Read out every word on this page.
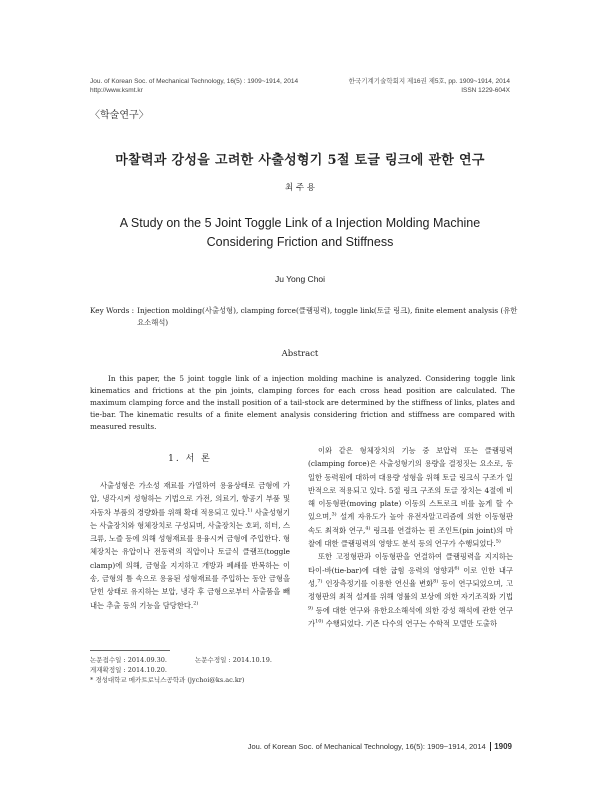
Jou. of Korean Soc. of Mechanical Technology, 16(5) : 1909~1914, 2014
http://www.ksmt.kr
한국기계기술학회지 제16권 제5호, pp. 1909~1914, 2014
ISSN 1229-604X
〈학술연구〉
마찰력과 강성을 고려한 사출성형기 5절 토글 링크에 관한 연구
최 주 용
A Study on the 5 Joint Toggle Link of a Injection Molding Machine
Considering Friction and Stiffness
Ju Yong Choi
Key Words : Injection molding(사출성형), clamping force(클램핑력), toggle link(토글 링크), finite element analysis (유한요소해석)
Abstract
In this paper, the 5 joint toggle link of a injection molding machine is analyzed. Considering toggle link kinematics and frictions at the pin joints, clamping forces for each cross head position are calculated. The maximum clamping force and the install position of a tail-stock are determined by the stiffness of links, plates and tie-bar. The kinematic results of a finite element analysis considering friction and stiffness are compared with measured results.
1. 서 론

사출성형은 가소성 재료를 가열하여 용융상태로 금형에 가압, 냉각시켜 성형하는 기법으로 가전, 의료기, 항공기 부품 및 자동차 부품의 경량화를 위해 확대 적용되고 있다.$^{1)}$ 사출성형기는 사출장치와 형체장치로 구성되며, 사출장치는 호퍼, 히터, 스크류, 노즐 등에 의해 성형재료를 용융시켜 금형에 주입한다. 형체장치는 유압이나 전동력의 직압이나 토글식 클램프(toggle clamp)에 의해, 금형을 지지하고 개방과 폐쇄를 반복하는 이송, 금형의 틈 속으로 용융된 성형재료를 주입하는 동안 금형을 닫힌 상태로 유지하는 보압, 냉각 후 금형으로부터 사출품을 빼내는 추출 등의 기능을 담당한다.$^{2)}$

이와 같은 형체장치의 기능 중 보압력 또는 클램핑력(clamping force)은 사출성형기의 용량을 결정짓는 요소로, 동일한 동력원에 대하여 대용량 성형을 위해 토글 링크식 구조가 일반적으로 적용되고 있다. 5절 링크 구조의 토글 장치는 4절에 비해 이동형판(moving plate) 이동의 스트로크 비를 높게 할 수 있으며,$^{3)}$ 설계 자유도가 높아 유전자알고리즘에 의한 이동형판 속도 최적화 연구,$^{4)}$ 링크를 연결하는 핀 조인트(pin joint)의 마찰에 대한 클램핑력의 영향도 분석 등의 연구가 수행되었다.$^{5)}$

또한 고정형판과 이동형판을 연결하여 클램핑력을 지지하는 타이-바(tie-bar)에 대한 굽힘 응력의 영향과$^{6)}$ 이로 인한 내구성,$^{7)}$ 인장측정기를 이용한 연신율 변화$^{8)}$ 등이 연구되었으며, 고정형판의 최적 설계를 위해 영률의 보상에 의한 자기조직화 기법$^{9)}$ 등에 대한 연구와 유한요소해석에 의한 강성 해석에 관한 연구가$^{10)}$ 수행되었다. 기존 다수의 연구는 수학적 모델만 도출하

논문접수일 : 2014.09.30.	논문수정일 : 2014.10.19.
게재확정일 : 2014.10.20.
* 경성대학교 메카트로닉스공학과 (jychoi@ks.ac.kr)
Jou. of Korean Soc. of Mechanical Technology, 16(5): 1909~1914, 2014 1909
